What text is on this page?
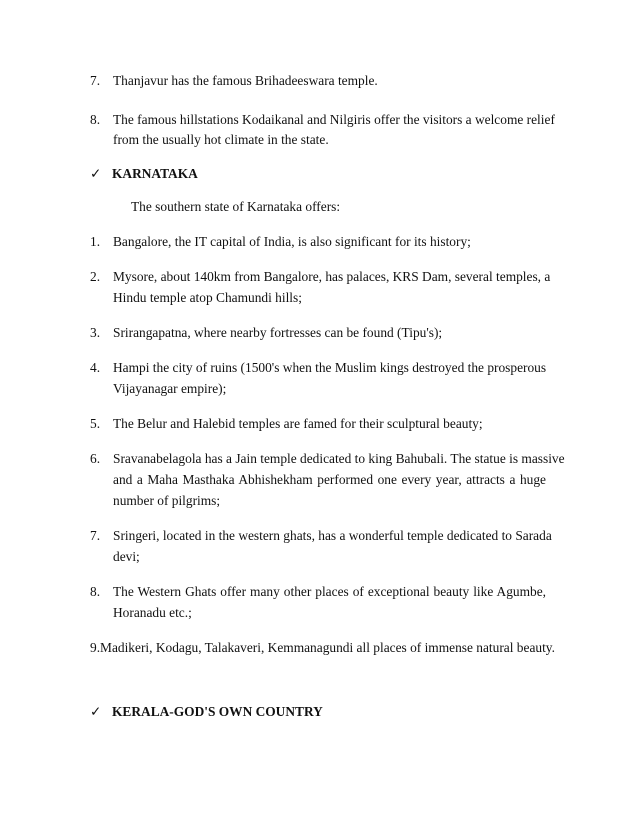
7. Thanjavur has the famous Brihadeeswara temple.
8. The famous hillstations Kodaikanal and Nilgiris offer the visitors a welcome relief
from the usually hot climate in the state.
✓ KARNATAKA
The southern state of Karnataka offers:
1. Bangalore, the IT capital of India, is also significant for its history;
2. Mysore, about 140km from Bangalore, has palaces, KRS Dam, several temples, a
Hindu temple atop Chamundi hills;
3. Srirangapatna, where nearby fortresses can be found (Tipu's);
4. Hampi the city of ruins (1500's when the Muslim kings destroyed the prosperous
Vijayanagar empire);
5. The Belur and Halebid temples are famed for their sculptural beauty;
6. Sravanabelagola has a Jain temple dedicated to king Bahubali. The statue is massive
and a Maha Masthaka Abhishekham performed one every year, attracts a huge
number of pilgrims;
7. Sringeri, located in the western ghats, has a wonderful temple dedicated to Sarada
devi;
8. The Western Ghats offer many other places of exceptional beauty like Agumbe,
Horanadu etc.;
9.Madikeri, Kodagu, Talakaveri, Kemmanagundi all places of immense natural beauty.
✓ KERALA-GOD'S OWN COUNTRY
